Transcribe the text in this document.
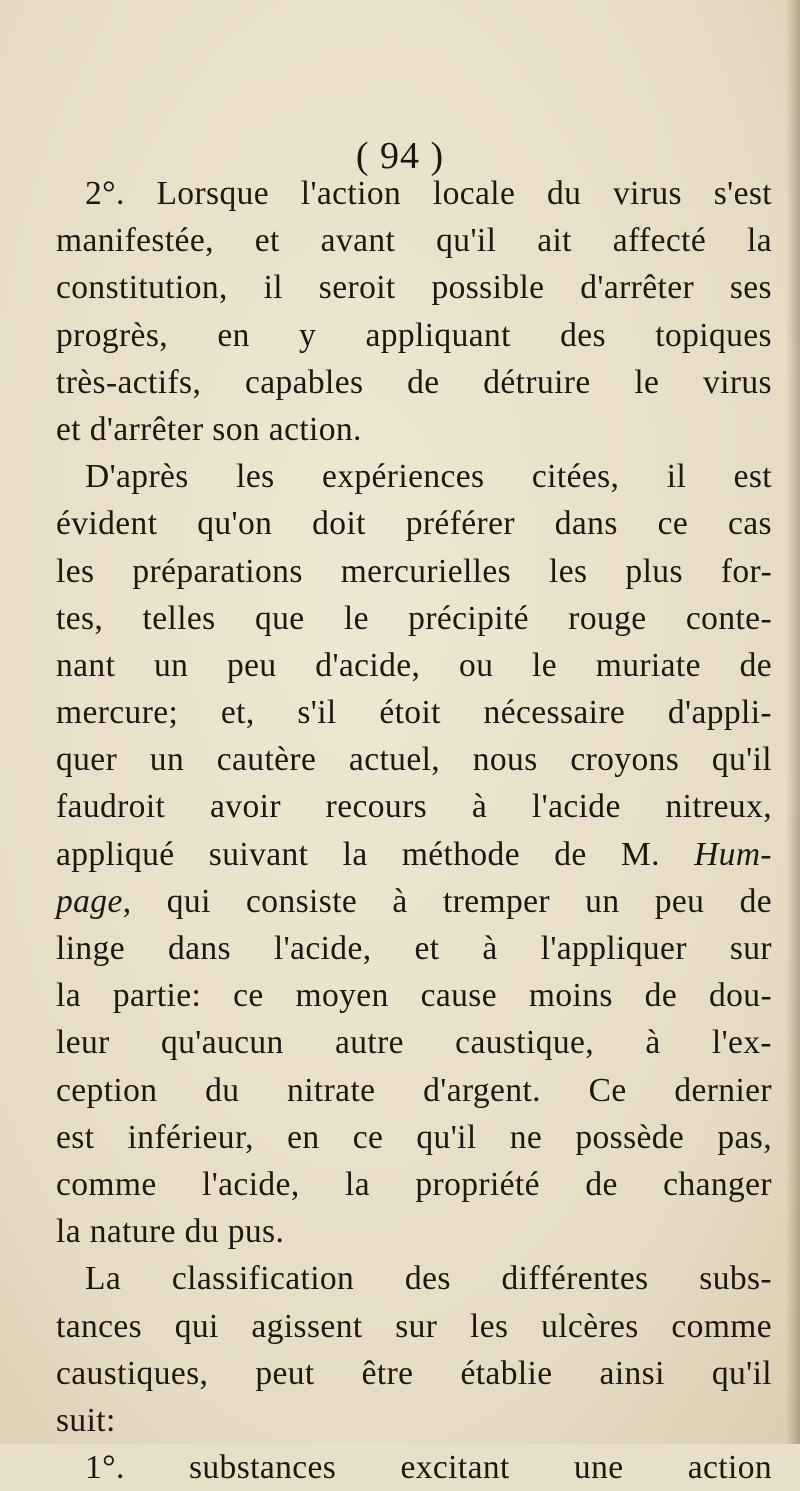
( 94 )
2°. Lorsque l'action locale du virus s'est
manifestée, et avant qu'il ait affecté la
constitution, il seroit possible d'arrêter ses
progrès, en y appliquant des topiques
très-actifs, capables de détruire le virus
et d'arrêter son action.
D'après les expériences citées, il est
évident qu'on doit préférer dans ce cas
les préparations mercurielles les plus for-
tes, telles que le précipité rouge conte-
nant un peu d'acide, ou le muriate de
mercure; et, s'il étoit nécessaire d'appli-
quer un cautère actuel, nous croyons qu'il
faudroit avoir recours à l'acide nitreux,
appliqué suivant la méthode de M. Hum-
page, qui consiste à tremper un peu de
linge dans l'acide, et à l'appliquer sur
la partie: ce moyen cause moins de dou-
leur qu'aucun autre caustique, à l'ex-
ception du nitrate d'argent. Ce dernier
est inférieur, en ce qu'il ne possède pas,
comme l'acide, la propriété de changer
la nature du pus.
La classification des différentes subs-
tances qui agissent sur les ulcères comme
caustiques, peut être établie ainsi qu'il
suit:
1°. substances excitant une action
